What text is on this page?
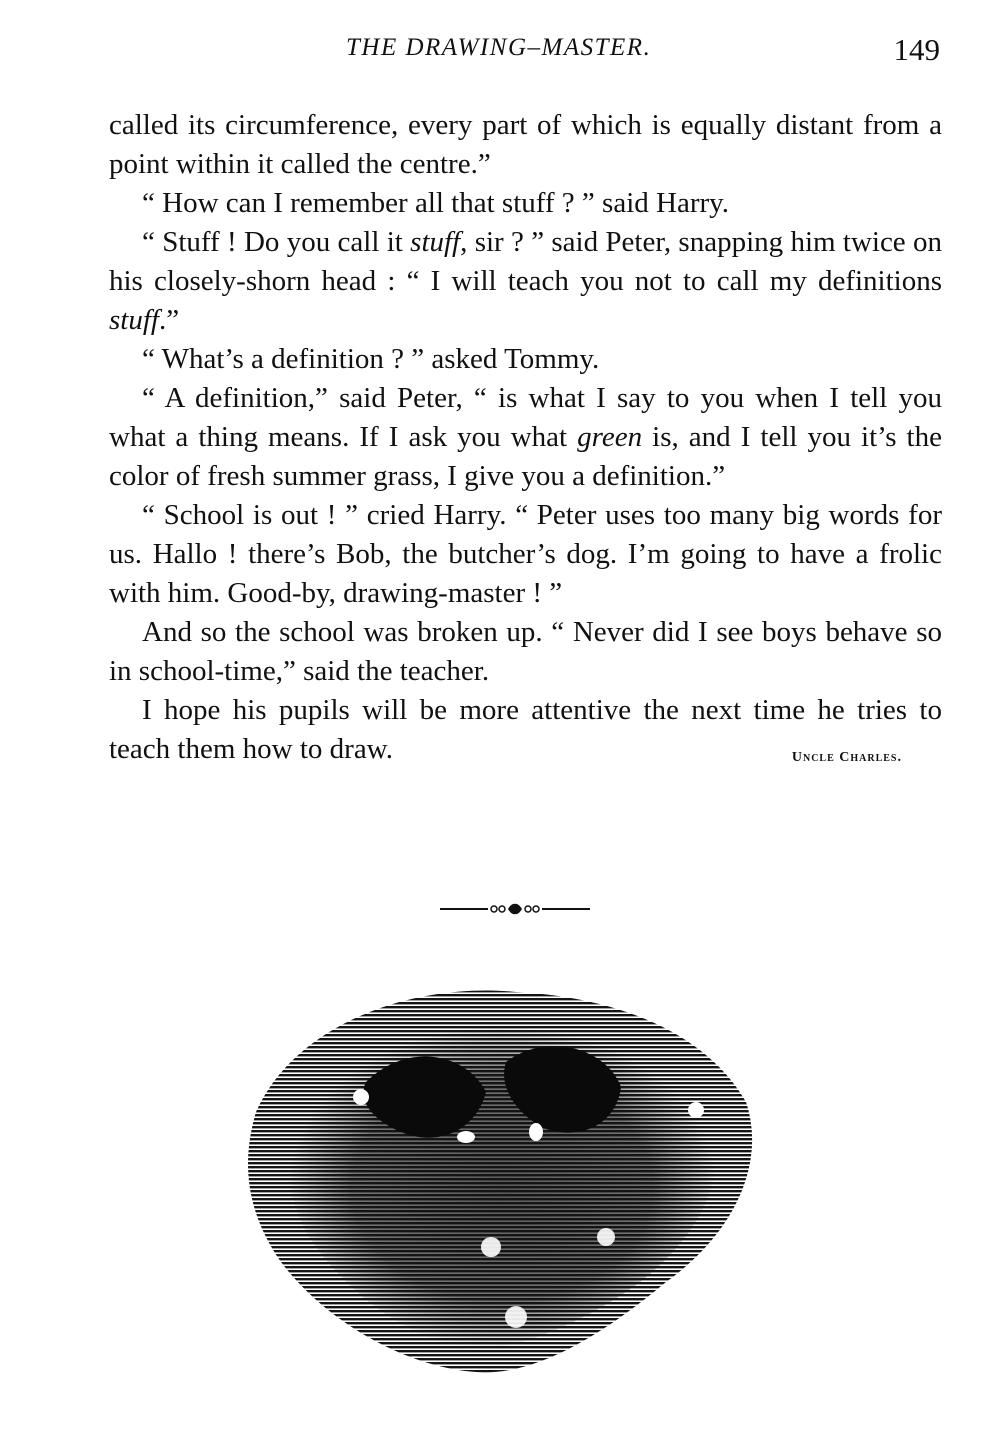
THE DRAWING–MASTER.	149

called its circumference, every part of which is equally distant from a point within it called the centre.”

“ How can I remember all that stuff ? ” said Harry.

“ Stuff ! Do you call it stuff, sir ? ” said Peter, snapping him twice on his closely-shorn head : “ I will teach you not to call my definitions stuff.”

“ What’s a definition ? ” asked Tommy.

“ A definition,” said Peter, “ is what I say to you when I tell you what a thing means. If I ask you what green is, and I tell you it’s the color of fresh summer grass, I give you a definition.”

“ School is out ! ” cried Harry. “ Peter uses too many big words for us. Hallo ! there’s Bob, the butcher’s dog. I’m going to have a frolic with him. Good-by, drawing-master ! ”

And so the school was broken up. “ Never did I see boys behave so in school-time,” said the teacher.

I hope his pupils will be more attentive the next time he tries to teach them how to draw.	Uncle Charles.
